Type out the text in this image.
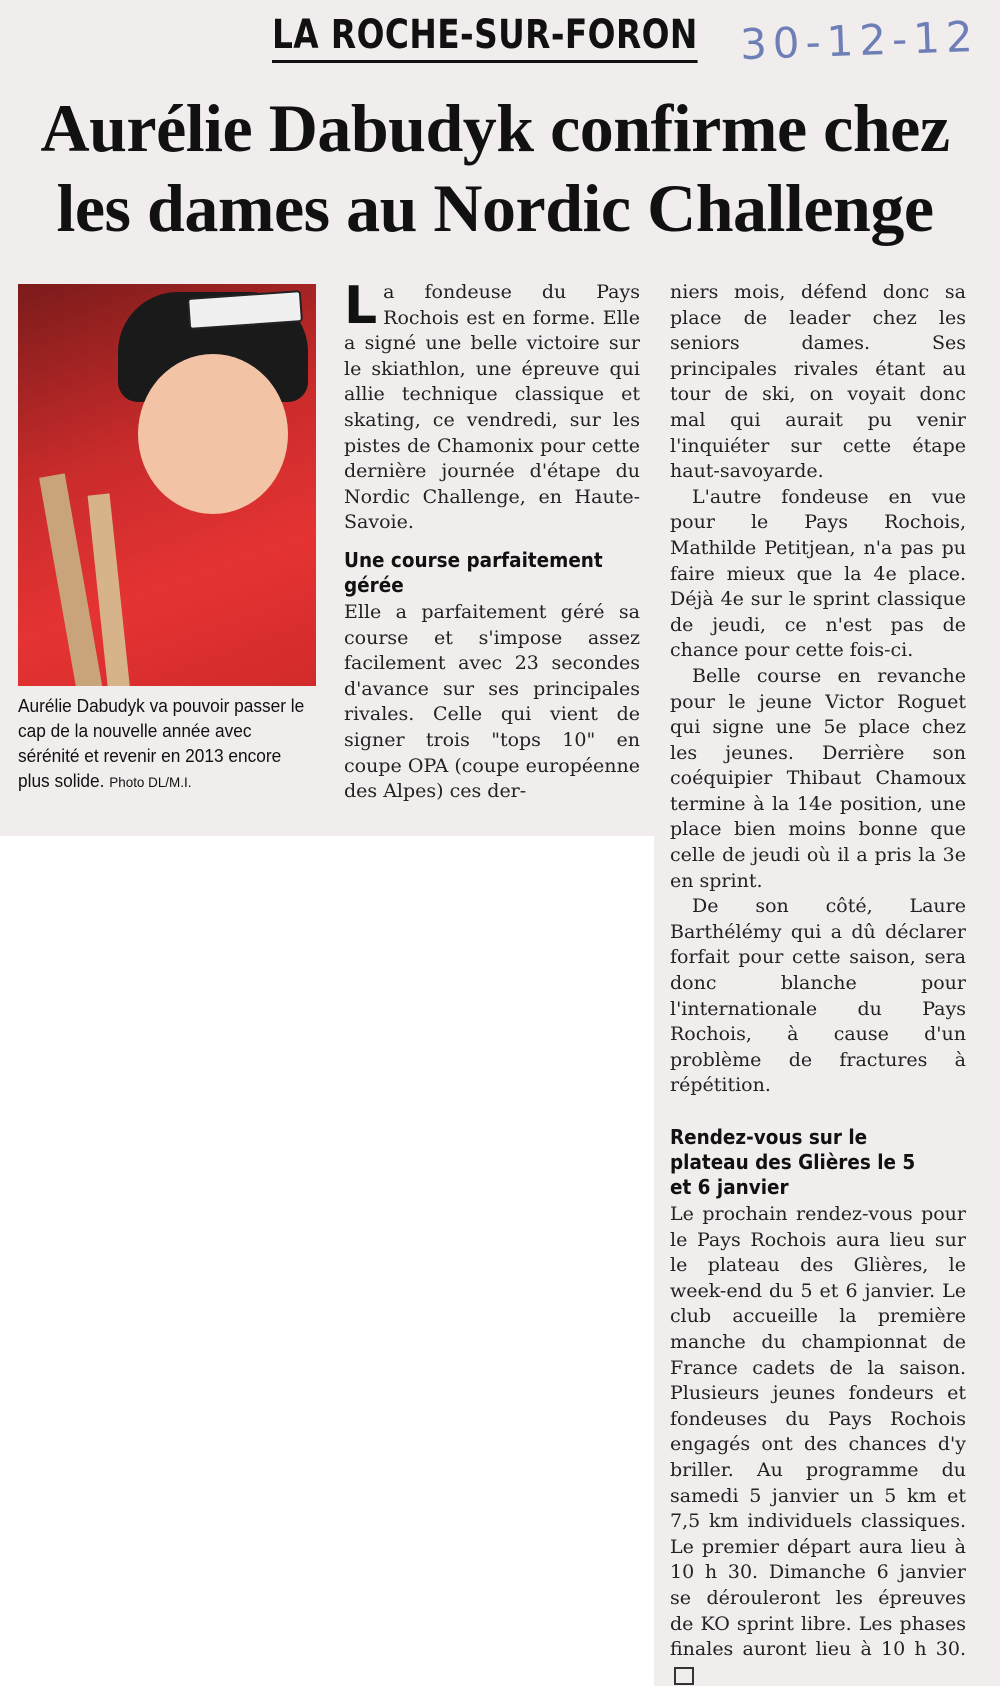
LA ROCHE-SUR-FORON 30-12-12
Aurélie Dabudyk confirme chez les dames au Nordic Challenge
Aurélie Dabudyk va pouvoir passer le cap de la nouvelle année avec sérénité et revenir en 2013 encore plus solide. Photo DL/M.I.

La fondeuse du Pays Rochois est en forme. Elle a signé une belle victoire sur le skiathlon, une épreuve qui allie technique classique et skating, ce vendredi, sur les pistes de Chamonix pour cette dernière journée d'étape du Nordic Challenge, en Haute-Savoie.

Une course parfaitement gérée

Elle a parfaitement géré sa course et s'impose assez facilement avec 23 secondes d'avance sur ses principales rivales. Celle qui vient de signer trois "tops 10" en coupe OPA (coupe européenne des Alpes) ces der-

niers mois, défend donc sa place de leader chez les seniors dames. Ses principales rivales étant au tour de ski, on voyait donc mal qui aurait pu venir l'inquiéter sur cette étape haut-savoyarde.

L'autre fondeuse en vue pour le Pays Rochois, Mathilde Petitjean, n'a pas pu faire mieux que la 4e place. Déjà 4e sur le sprint classique de jeudi, ce n'est pas de chance pour cette fois-ci.

Belle course en revanche pour le jeune Victor Roguet qui signe une 5e place chez les jeunes. Derrière son coéquipier Thibaut Chamoux termine à la 14e position, une place bien moins bonne que celle de jeudi où il a pris la 3e en sprint.

De son côté, Laure Barthélémy qui a dû déclarer forfait pour cette saison, sera donc blanche pour l'internationale du Pays Rochois, à cause d'un problème de fractures à répétition.

Rendez-vous sur le plateau des Glières le 5 et 6 janvier

Le prochain rendez-vous pour le Pays Rochois aura lieu sur le plateau des Glières, le week-end du 5 et 6 janvier. Le club accueille la première manche du championnat de France cadets de la saison. Plusieurs jeunes fondeurs et fondeuses du Pays Rochois engagés ont des chances d'y briller. Au programme du samedi 5 janvier un 5 km et 7,5 km individuels classiques. Le premier départ aura lieu à 10 h 30. Dimanche 6 janvier se dérouleront les épreuves de KO sprint libre. Les phases finales auront lieu à 10 h 30.
